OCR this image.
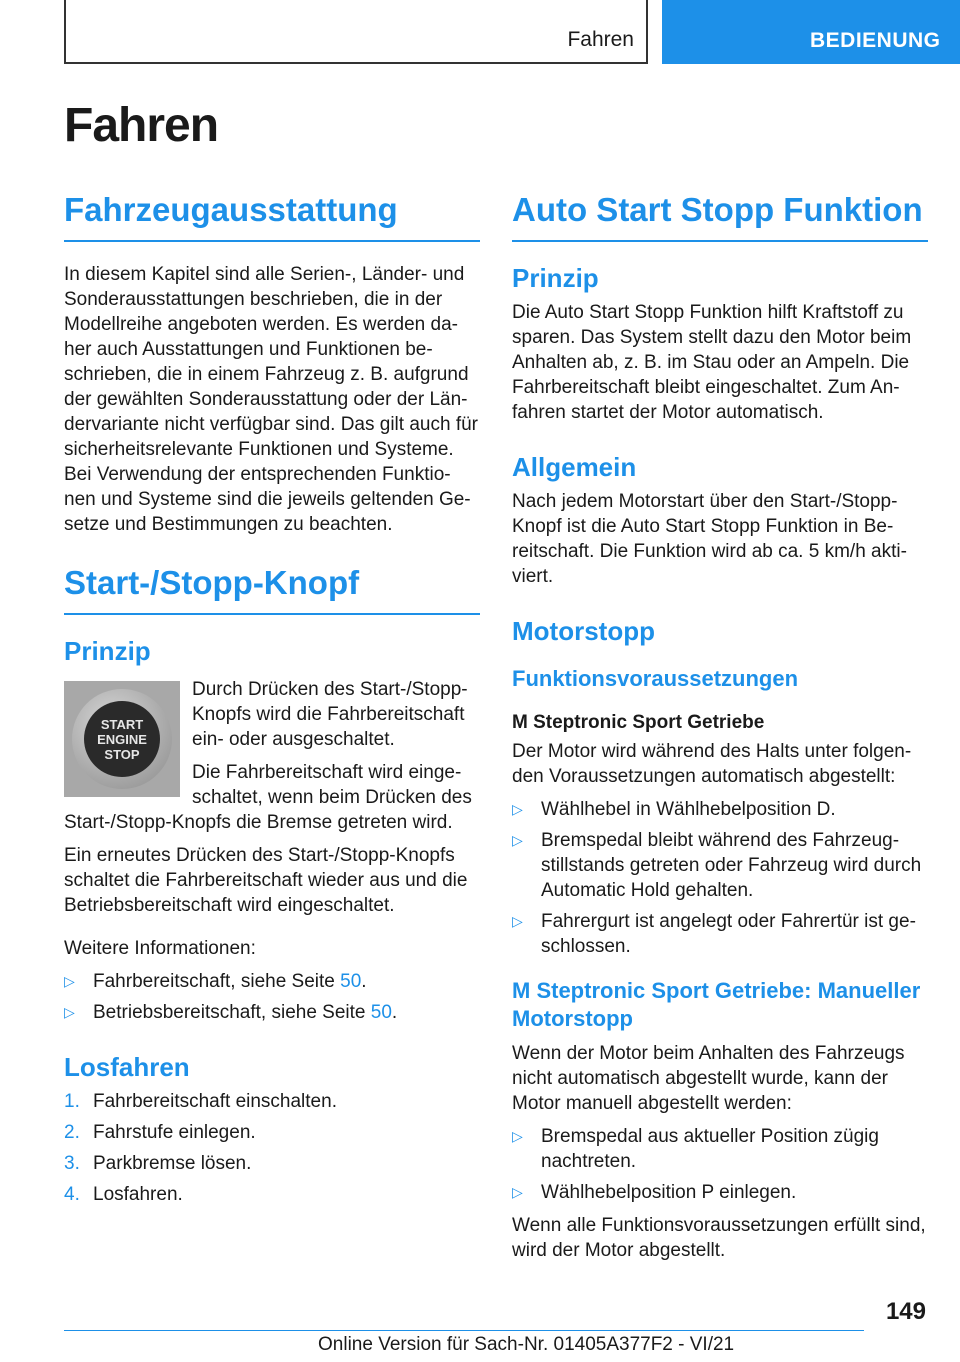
Fahren	BEDIENUNG
Fahren
Fahrzeugausstattung

In diesem Kapitel sind alle Serien-, Länder- und Sonderausstattungen beschrieben, die in der Modellreihe angeboten werden. Es werden da-her auch Ausstattungen und Funktionen be-schrieben, die in einem Fahrzeug z. B. aufgrund der gewählten Sonderausstattung oder der Län-dervariante nicht verfügbar sind. Das gilt auch für sicherheitsrelevante Funktionen und Systeme. Bei Verwendung der entsprechenden Funktio-nen und Systeme sind die jeweils geltenden Ge-setze und Bestimmungen zu beachten.

Start-/Stopp-Knopf
Prinzip
START
ENGINE
STOP

Durch Drücken des Start-/Stopp-Knopfs wird die Fahrbereitschaft ein- oder ausgeschaltet.

Die Fahrbereitschaft wird einge-schaltet, wenn beim Drücken des Start-/Stopp-Knopfs die Bremse getreten wird.

Ein erneutes Drücken des Start-/Stopp-Knopfs schaltet die Fahrbereitschaft wieder aus und die Betriebsbereitschaft wird eingeschaltet.

Weitere Informationen:

▷ Fahrbereitschaft, siehe Seite 50.
▷ Betriebsbereitschaft, siehe Seite 50.
Losfahren
1. Fahrbereitschaft einschalten.
2. Fahrstufe einlegen.
3. Parkbremse lösen.
4. Losfahren.
Auto Start Stopp Funktion
Prinzip

Die Auto Start Stopp Funktion hilft Kraftstoff zu sparen. Das System stellt dazu den Motor beim Anhalten ab, z. B. im Stau oder an Ampeln. Die Fahrbereitschaft bleibt eingeschaltet. Zum An-fahren startet der Motor automatisch.

Allgemein

Nach jedem Motorstart über den Start-/Stopp-Knopf ist die Auto Start Stopp Funktion in Be-reitschaft. Die Funktion wird ab ca. 5 km/h akti-viert.

Motorstopp
Funktionsvoraussetzungen
M Steptronic Sport Getriebe

Der Motor wird während des Halts unter folgen-den Voraussetzungen automatisch abgestellt:

▷ Wählhebel in Wählhebelposition D.
▷ Bremspedal bleibt während des Fahrzeug-stillstands getreten oder Fahrzeug wird durch Automatic Hold gehalten.
▷ Fahrergurt ist angelegt oder Fahrertür ist ge-schlossen.
M Steptronic Sport Getriebe: Manueller Motorstopp

Wenn der Motor beim Anhalten des Fahrzeugs nicht automatisch abgestellt wurde, kann der Motor manuell abgestellt werden:

▷ Bremspedal aus aktueller Position zügig nachtreten.
▷ Wählhebelposition P einlegen.

Wenn alle Funktionsvoraussetzungen erfüllt sind, wird der Motor abgestellt.

149
Online Version für Sach-Nr. 01405A377F2 - VI/21
